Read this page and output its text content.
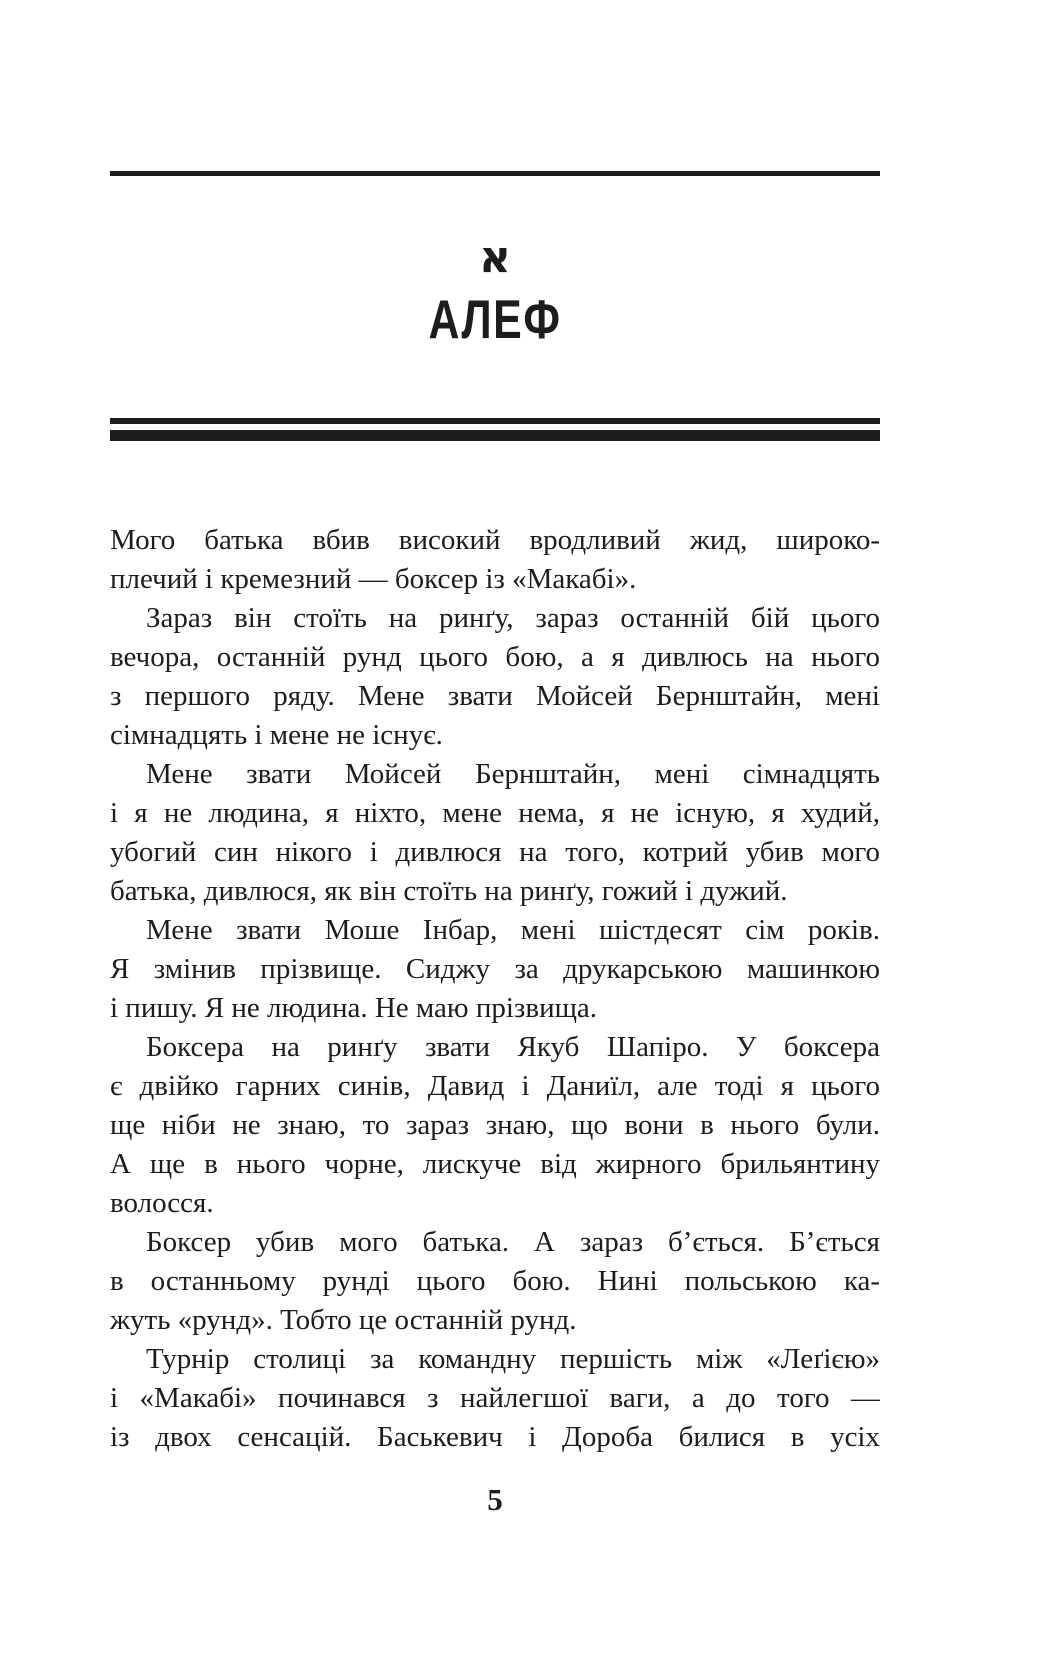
א
АЛЕФ
Мого батька вбив високий вродливий жид, широко-
плечий і кремезний — боксер із «Макабі».
Зараз він стоїть на ринґу, зараз останній бій цього
вечора, останній рунд цього бою, а я дивлюсь на нього
з першого ряду. Мене звати Мойсей Бернштайн, мені
сімнадцять і мене не існує.
Мене звати Мойсей Бернштайн, мені сімнадцять
і я не людина, я ніхто, мене нема, я не існую, я худий,
убогий син нікого і дивлюся на того, котрий убив мого
батька, дивлюся, як він стоїть на ринґу, гожий і дужий.
Мене звати Моше Інбар, мені шістдесят сім років.
Я змінив прізвище. Сиджу за друкарською машинкою
і пишу. Я не людина. Не маю прізвища.
Боксера на ринґу звати Якуб Шапіро. У боксера
є двійко гарних синів, Давид і Даниїл, але тоді я цього
ще ніби не знаю, то зараз знаю, що вони в нього були.
А ще в нього чорне, лискуче від жирного брильянтину
волосся.
Боксер убив мого батька. А зараз б’ється. Б’ється
в останньому рунді цього бою. Нині польською ка-
жуть «рунд». Тобто це останній рунд.
Турнір столиці за командну першість між «Леґією»
і «Макабі» починався з найлегшої ваги, а до того —
із двох сенсацій. Баськевич і Дороба билися в усіх
5
